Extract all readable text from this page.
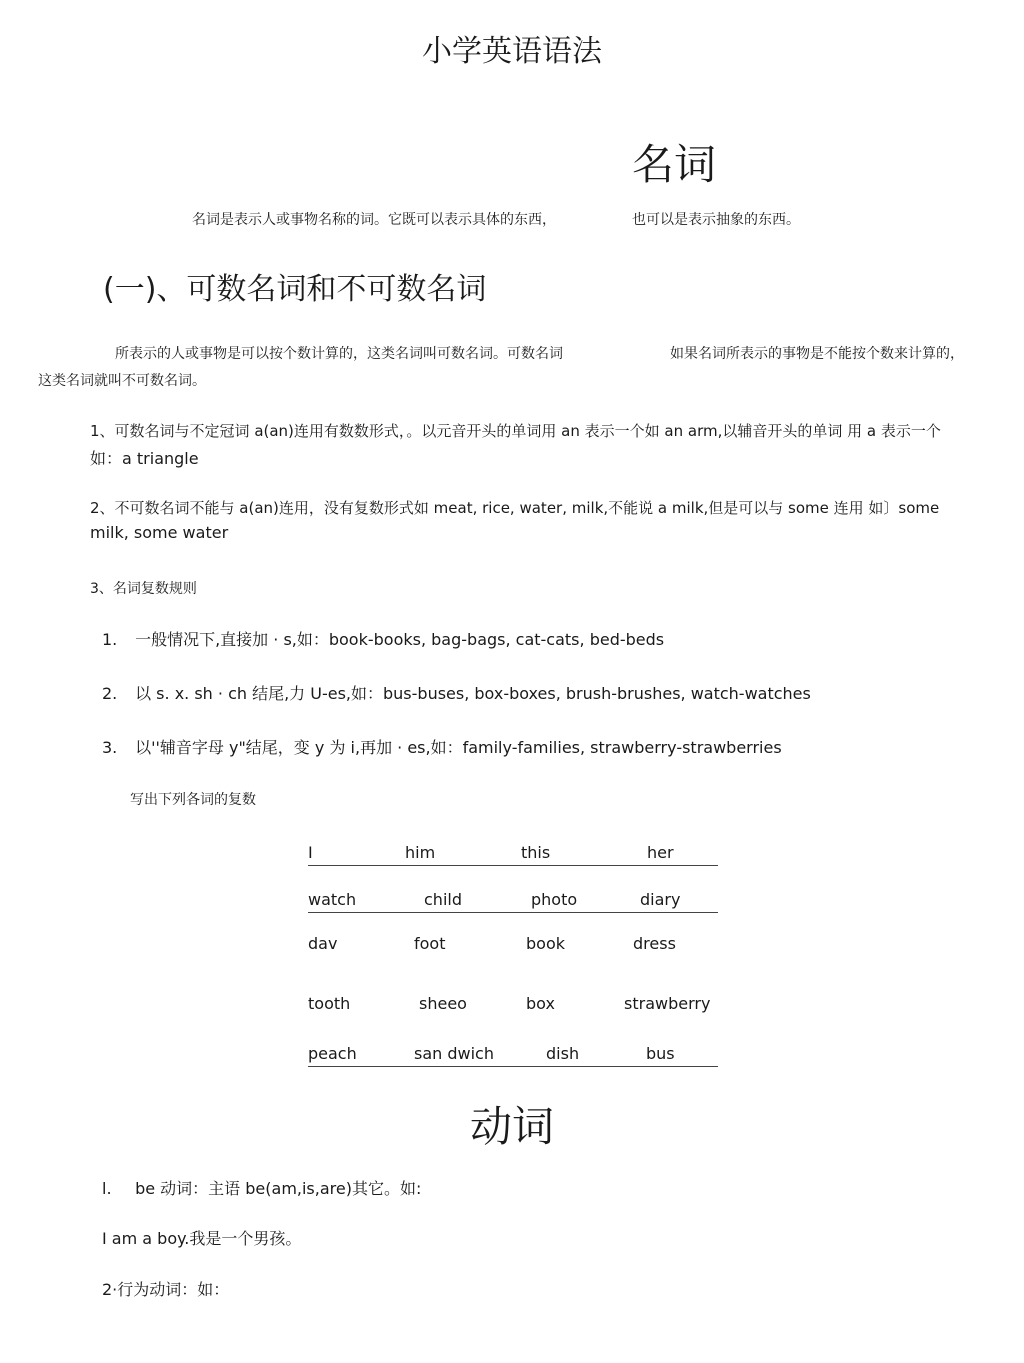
小学英语语法
名词
名词是表示人或事物名称的词。它既可以表示具体的东西，	也可以是表示抽象的东西。
(一)、可数名词和不可数名词
所表示的人或事物是可以按个数计算的，这类名词叫可数名词。可数名词	如果名词所表示的事物是不能按个数来计算的，
这类名词就叫不可数名词。
1、可数名词与不定冠词 a(an)连用有数数形式，。以元音开头的单词用 an 表示一个如 an arm,以辅音开头的单词 用 a 表示一个
如：a triangle
2、不可数名词不能与 a(an)连用，没有复数形式如 meat, rice, water, milk,不能说 a milk,但是可以与 some 连用 如〕some
milk, some water
3、名词复数规则
1. 一般情况下,直接加 · s,如：book-books, bag-bags, cat-cats, bed-beds
2. 以 s. x. sh · ch 结尾,力 U-es,如：bus-buses, box-boxes, brush-brushes, watch-watches
3. 以''辅音字母 y"结尾，变 y 为 i,再加 · es,如：family-families, strawberry-strawberries
写出下列各词的复数
I	him	this	her
watch	child	photo	diary
dav	foot	book	dress
tooth	sheeo	box	strawberry
peach	san dwich	dish	bus
动词
l. be 动词：主语 be(am,is,are)其它。如:
I am a boy.我是一个男孩。
2·行为动词：如：
